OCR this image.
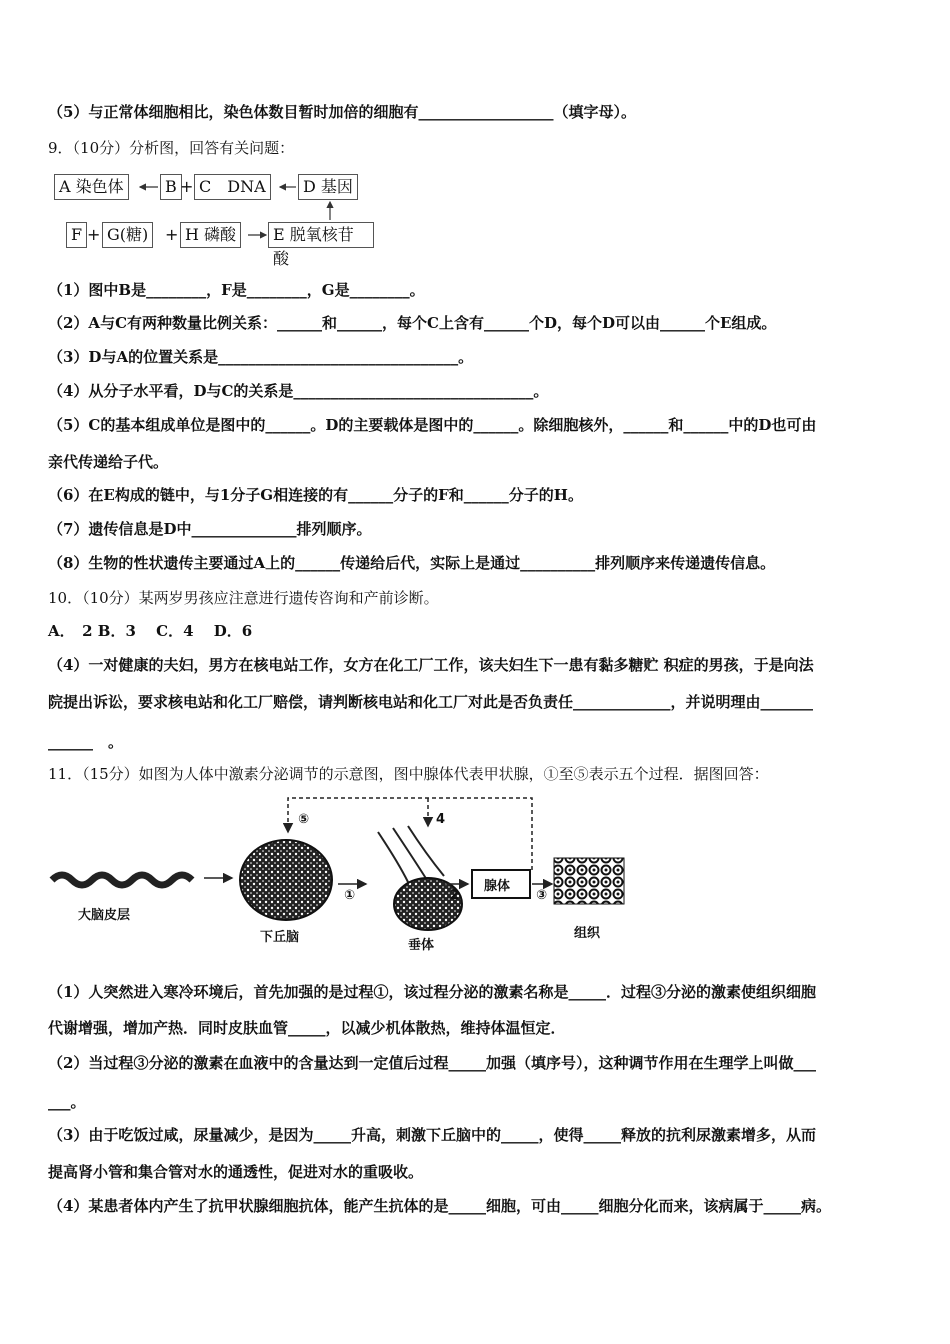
（5）与正常体细胞相比，染色体数目暂时加倍的细胞有__________________（填字母）。
9．（10分）分析图，回答有关问题：
A 染色体	B + C　DNA	D 基因
F + G(糖)	+ H 磷酸	E 脱氧核苷酸
（1）图中B是________，F是________，G是________。
（2）A与C有两种数量比例关系：______和______，每个C上含有______个D，每个D可以由______个E组成。
（3）D与A的位置关系是________________________________。
（4）从分子水平看，D与C的关系是________________________________。
（5）C的基本组成单位是图中的______。D的主要载体是图中的______。除细胞核外，______和______中的D也可由
亲代传递给子代。
（6）在E构成的链中，与1分子G相连接的有______分子的F和______分子的H。
（7）遗传信息是D中______________排列顺序。
（8）生物的性状遗传主要通过A上的______传递给后代，实际上是通过__________排列顺序来传递遗传信息。
10．（10分）某两岁男孩应注意进行遗传咨询和产前诊断。
A．　2 B．3　 C．4　 D．6
（4）一对健康的夫妇，男方在核电站工作，女方在化工厂工作，该夫妇生下一患有黏多糖贮 积症的男孩，于是向法
院提出诉讼，要求核电站和化工厂赔偿，请判断核电站和化工厂对此是否负责任_____________，并说明理由_______
______　。
11．（15分）如图为人体中激素分泌调节的示意图，图中腺体代表甲状腺，①至⑤表示五个过程．据图回答：
⑤	4
①	2	③
腺体
大脑皮层
下丘脑
垂体
组织
（1）人突然进入寒冷环境后，首先加强的是过程①，该过程分泌的激素名称是_____．过程③分泌的激素使组织细胞
代谢增强，增加产热．同时皮肤血管_____，以减少机体散热，维持体温恒定．
（2）当过程③分泌的激素在血液中的含量达到一定值后过程_____加强（填序号），这种调节作用在生理学上叫做___
___。
（3）由于吃饭过咸，尿量减少，是因为_____升高，刺激下丘脑中的_____，使得_____释放的抗利尿激素增多，从而
提高肾小管和集合管对水的通透性，促进对水的重吸收。
（4）某患者体内产生了抗甲状腺细胞抗体，能产生抗体的是_____细胞，可由_____细胞分化而来，该病属于_____病。
